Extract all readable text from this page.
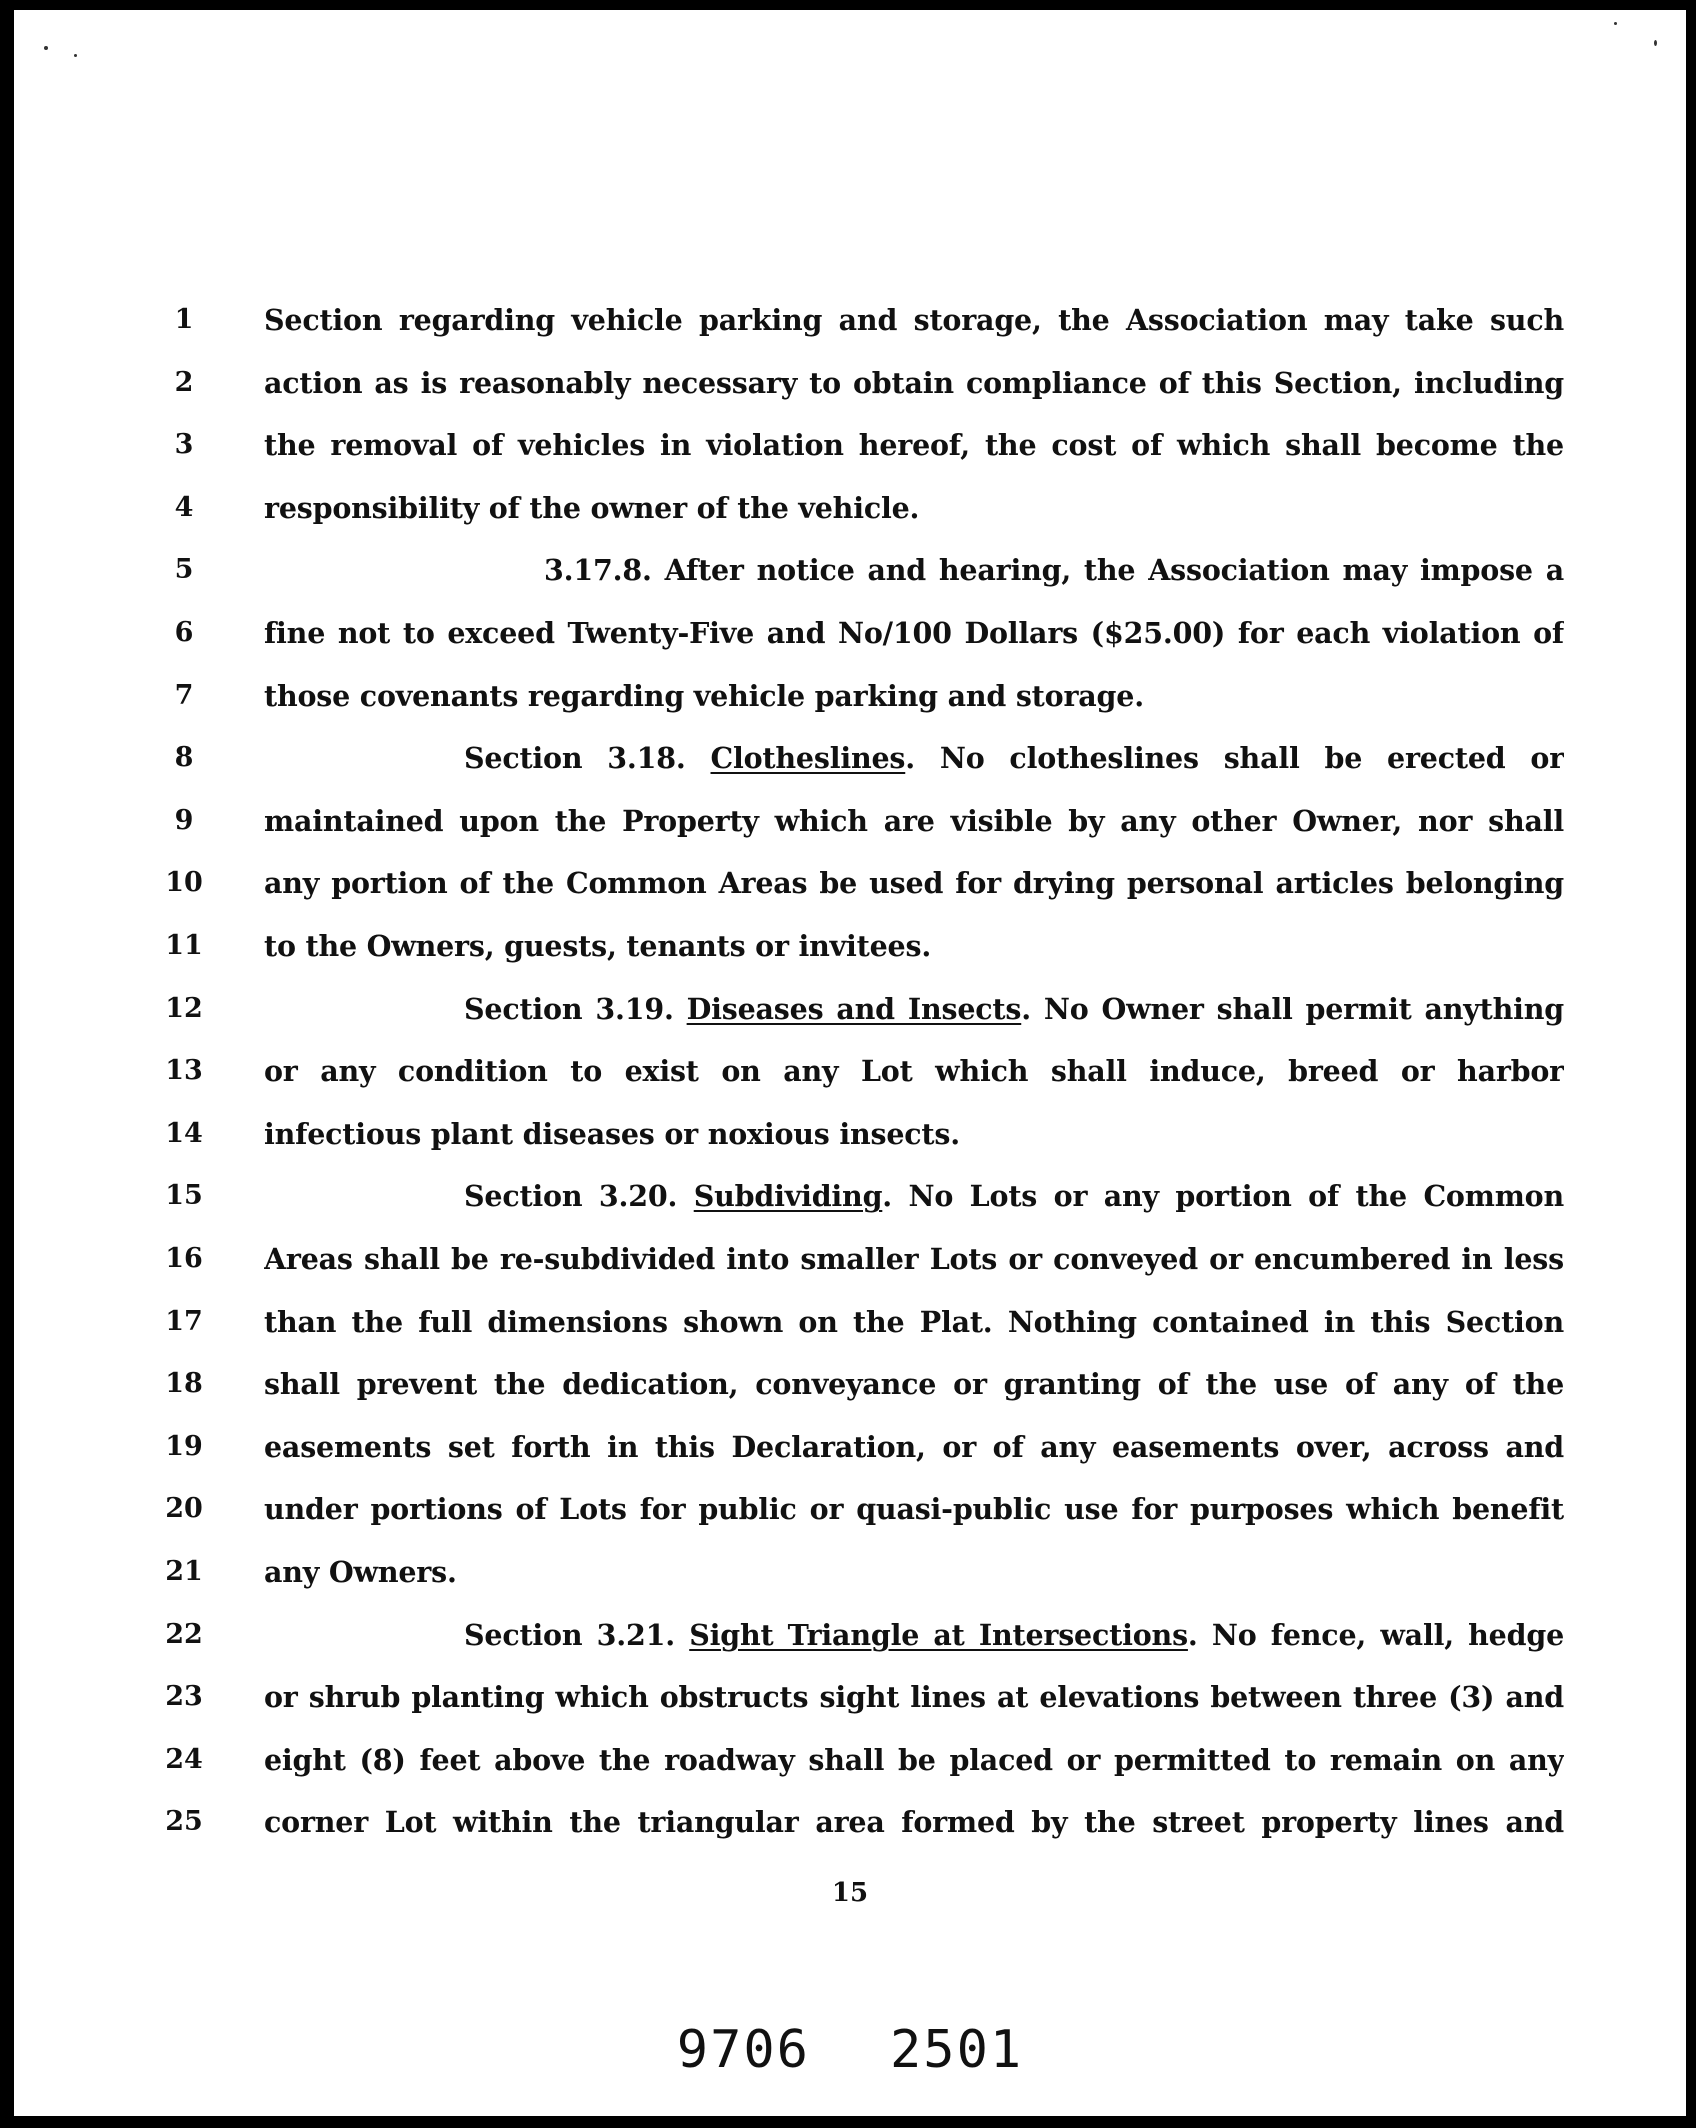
1	Section regarding vehicle parking and storage, the Association may take such
2	action as is reasonably necessary to obtain compliance of this Section, including
3	the removal of vehicles in violation hereof, the cost of which shall become the
4	responsibility of the owner of the vehicle.
5	3.17.8. After notice and hearing, the Association may impose a
6	fine not to exceed Twenty-Five and No/100 Dollars ($25.00) for each violation of
7	those covenants regarding vehicle parking and storage.
8	Section 3.18. Clotheslines. No clotheslines shall be erected or
9	maintained upon the Property which are visible by any other Owner, nor shall
10	any portion of the Common Areas be used for drying personal articles belonging
11	to the Owners, guests, tenants or invitees.
12	Section 3.19. Diseases and Insects. No Owner shall permit anything
13	or any condition to exist on any Lot which shall induce, breed or harbor
14	infectious plant diseases or noxious insects.
15	Section 3.20. Subdividing. No Lots or any portion of the Common
16	Areas shall be re-subdivided into smaller Lots or conveyed or encumbered in less
17	than the full dimensions shown on the Plat. Nothing contained in this Section
18	shall prevent the dedication, conveyance or granting of the use of any of the
19	easements set forth in this Declaration, or of any easements over, across and
20	under portions of Lots for public or quasi-public use for purposes which benefit
21	any Owners.
22	Section 3.21. Sight Triangle at Intersections. No fence, wall, hedge
23	or shrub planting which obstructs sight lines at elevations between three (3) and
24	eight (8) feet above the roadway shall be placed or permitted to remain on any
25	corner Lot within the triangular area formed by the street property lines and
15
9706 2501
